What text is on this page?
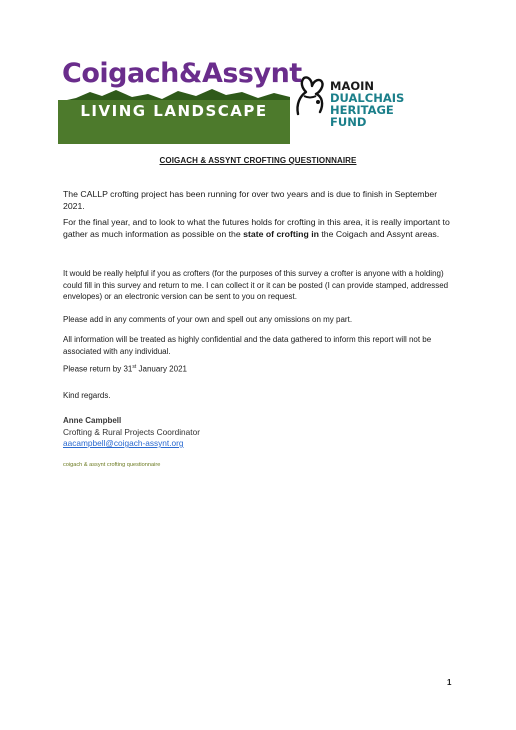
Coigach&Assynt
LIVING LANDSCAPE
MAOIN
DUALCHAIS
HERITAGE
FUND
COIGACH & ASSYNT CROFTING QUESTIONNAIRE

The CALLP crofting project has been running for over two years and is due to finish in September 2021.

For the final year, and to look to what the futures holds for crofting in this area, it is really important to gather as much information as possible on the state of crofting in the Coigach and Assynt areas.

It would be really helpful if you as crofters (for the purposes of this survey a crofter is anyone with a holding) could fill in this survey and return to me. I can collect it or it can be posted (I can provide stamped, addressed envelopes) or an electronic version can be sent to you on request.

Please add in any comments of your own and spell out any omissions on my part.

All information will be treated as highly confidential and the data gathered to inform this report will not be associated with any individual.

Please return by 31st January 2021

Kind regards.

Anne Campbell
Crofting & Rural Projects Coordinator
aacampbell@coigach-assynt.org
coigach & assynt crofting questionnaire
1
